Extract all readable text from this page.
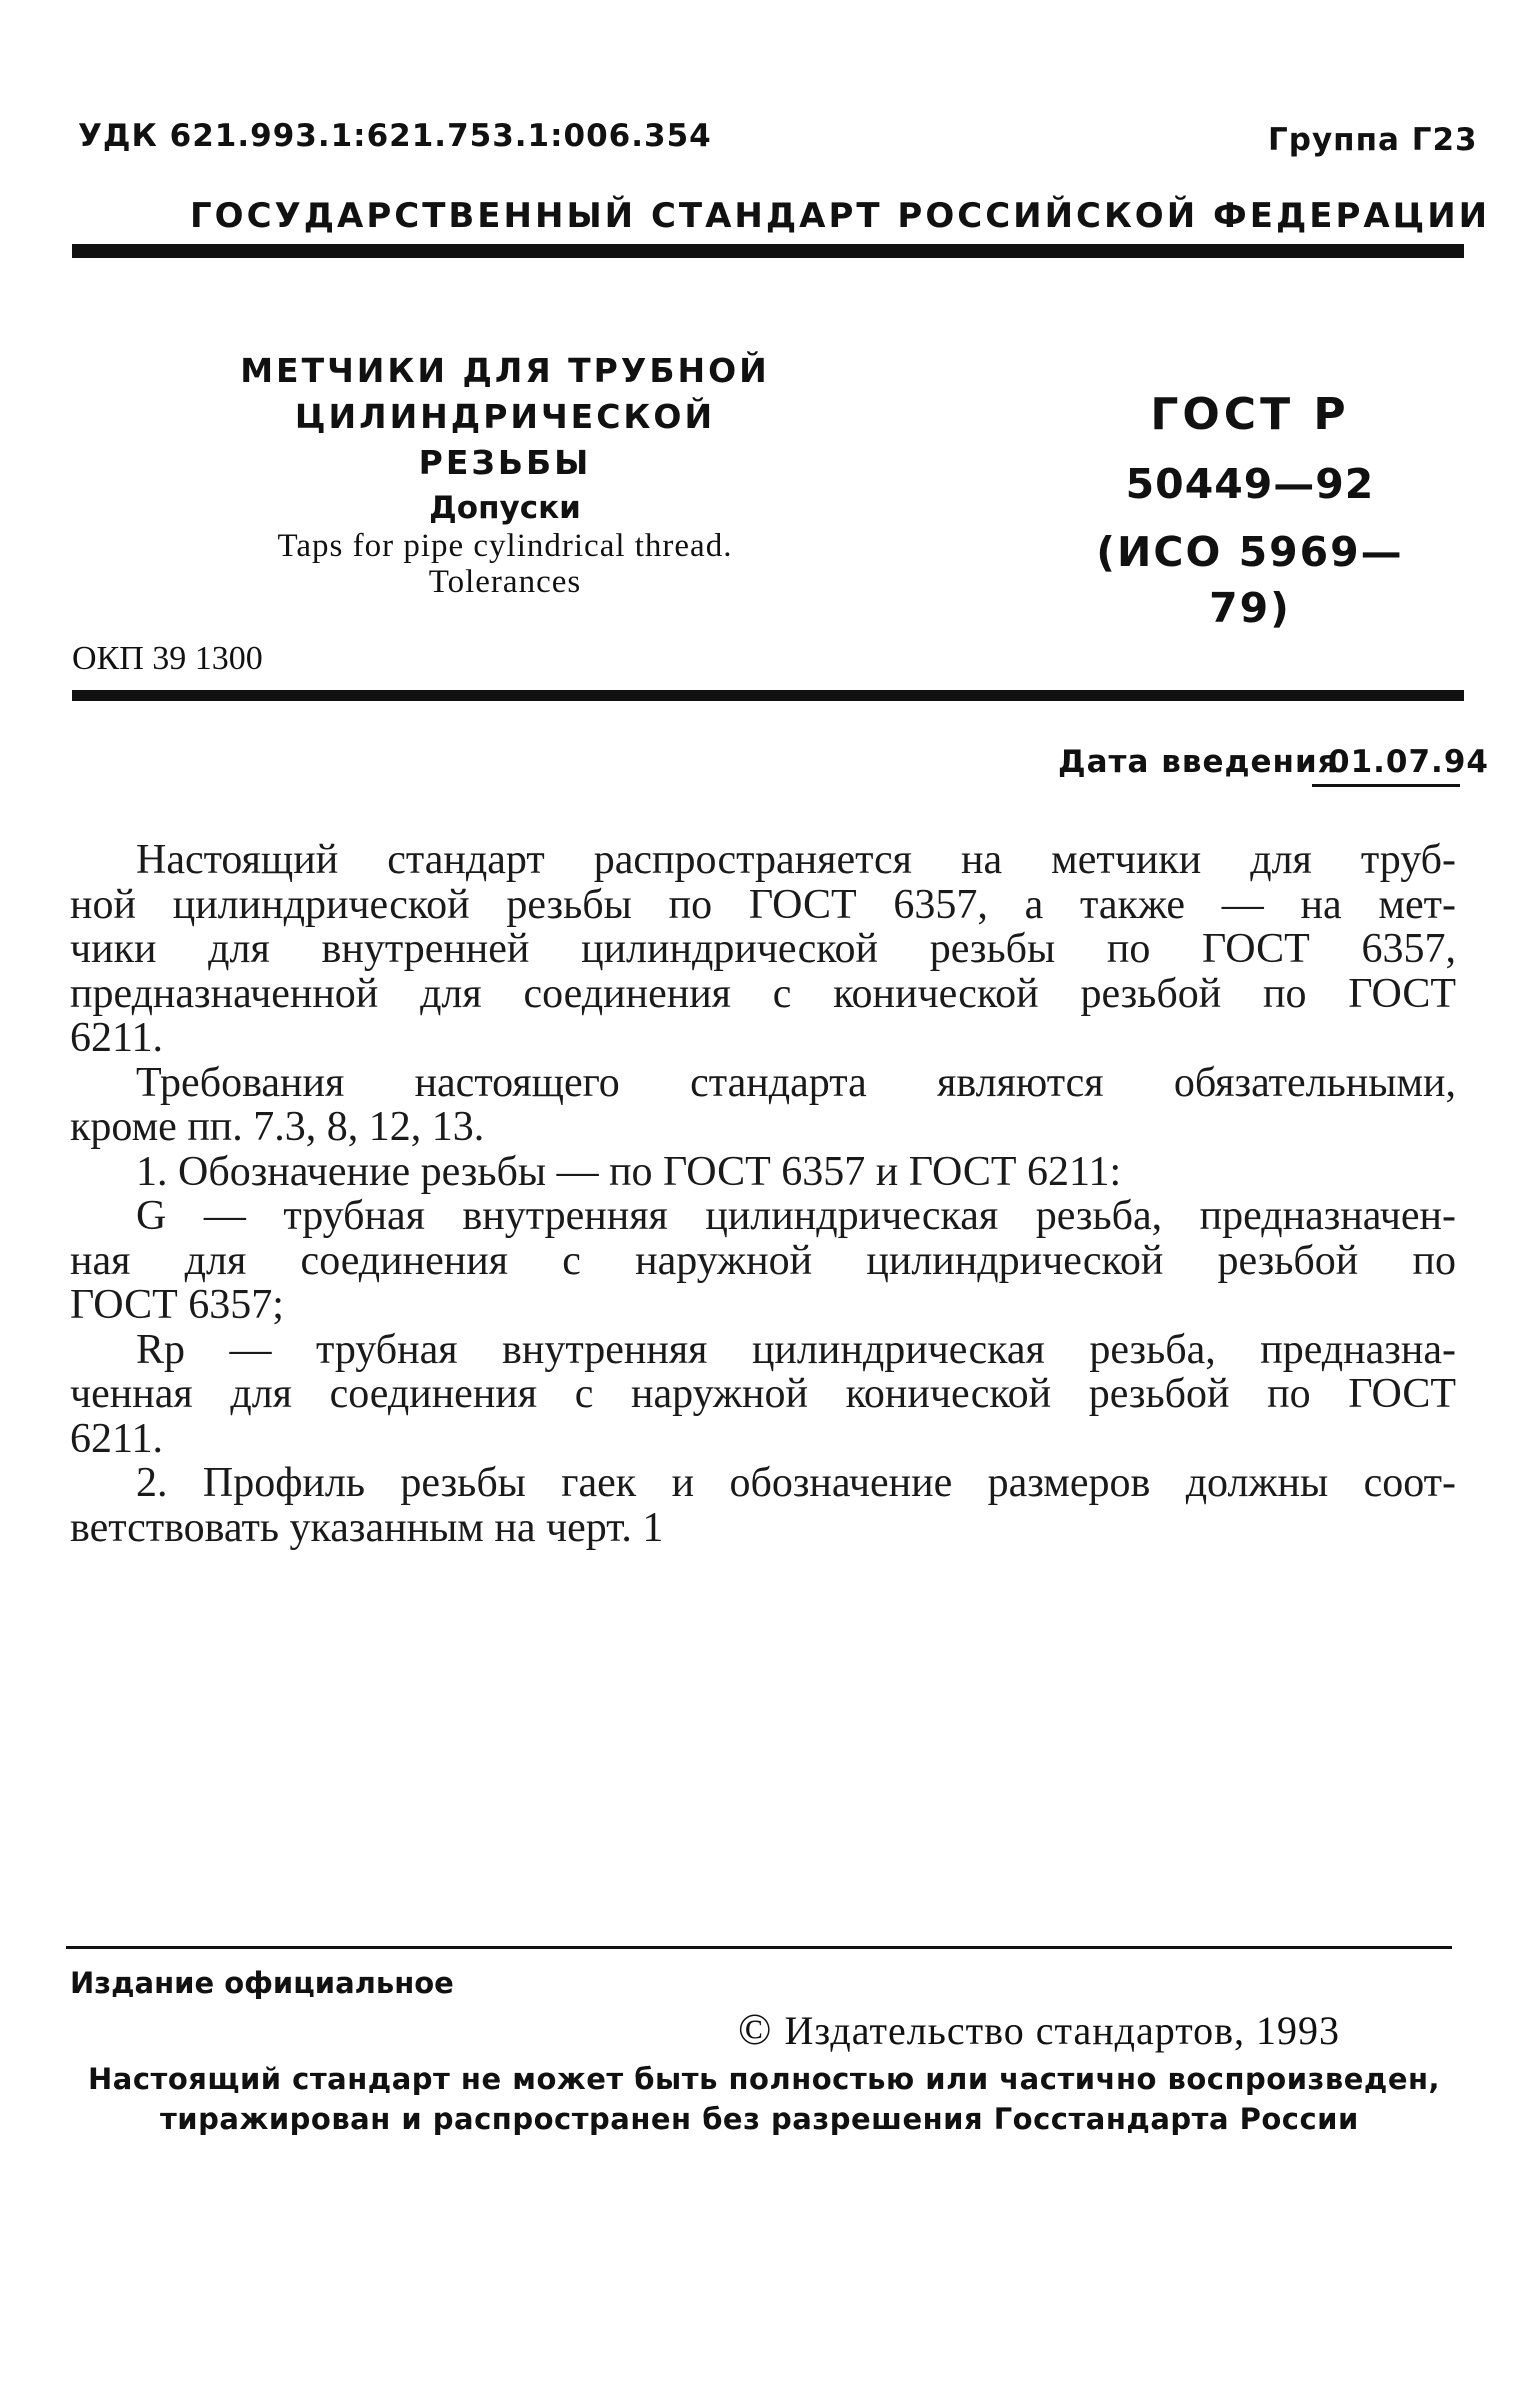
УДК 621.993.1:621.753.1:006.354	Группа Г23
ГОСУДАРСТВЕННЫЙ СТАНДАРТ РОССИЙСКОЙ ФЕДЕРАЦИИ
МЕТЧИКИ ДЛЯ ТРУБНОЙ
ЦИЛИНДРИЧЕСКОЙ РЕЗЬБЫ
Допуски
Taps for pipe cylindrical thread.
Tolerances
ГОСТ Р
50449—92
(ИСО 5969—79)
ОКП 39 1300
Дата введения
01.07.94
Настоящий стандарт распространяется на метчики для труб-
ной цилиндрической резьбы по ГОСТ 6357, а также — на мет-
чики для внутренней цилиндрической резьбы по ГОСТ 6357,
предназначенной для соединения с конической резьбой по ГОСТ
6211.
Требования настоящего стандарта являются обязательными,
кроме пп. 7.3, 8, 12, 13.
1. Обозначение резьбы — по ГОСТ 6357 и ГОСТ 6211:
G — трубная внутренняя цилиндрическая резьба, предназначен-
ная для соединения с наружной цилиндрической резьбой по
ГОСТ 6357;
Rp — трубная внутренняя цилиндрическая резьба, предназна-
ченная для соединения с наружной конической резьбой по ГОСТ
6211.
2. Профиль резьбы гаек и обозначение размеров должны соот-
ветствовать указанным на черт. 1
Издание официальное
© Издательство стандартов, 1993
Настоящий стандарт не может быть полностью или частично воспроизведен,
тиражирован и распространен без разрешения Госстандарта России
